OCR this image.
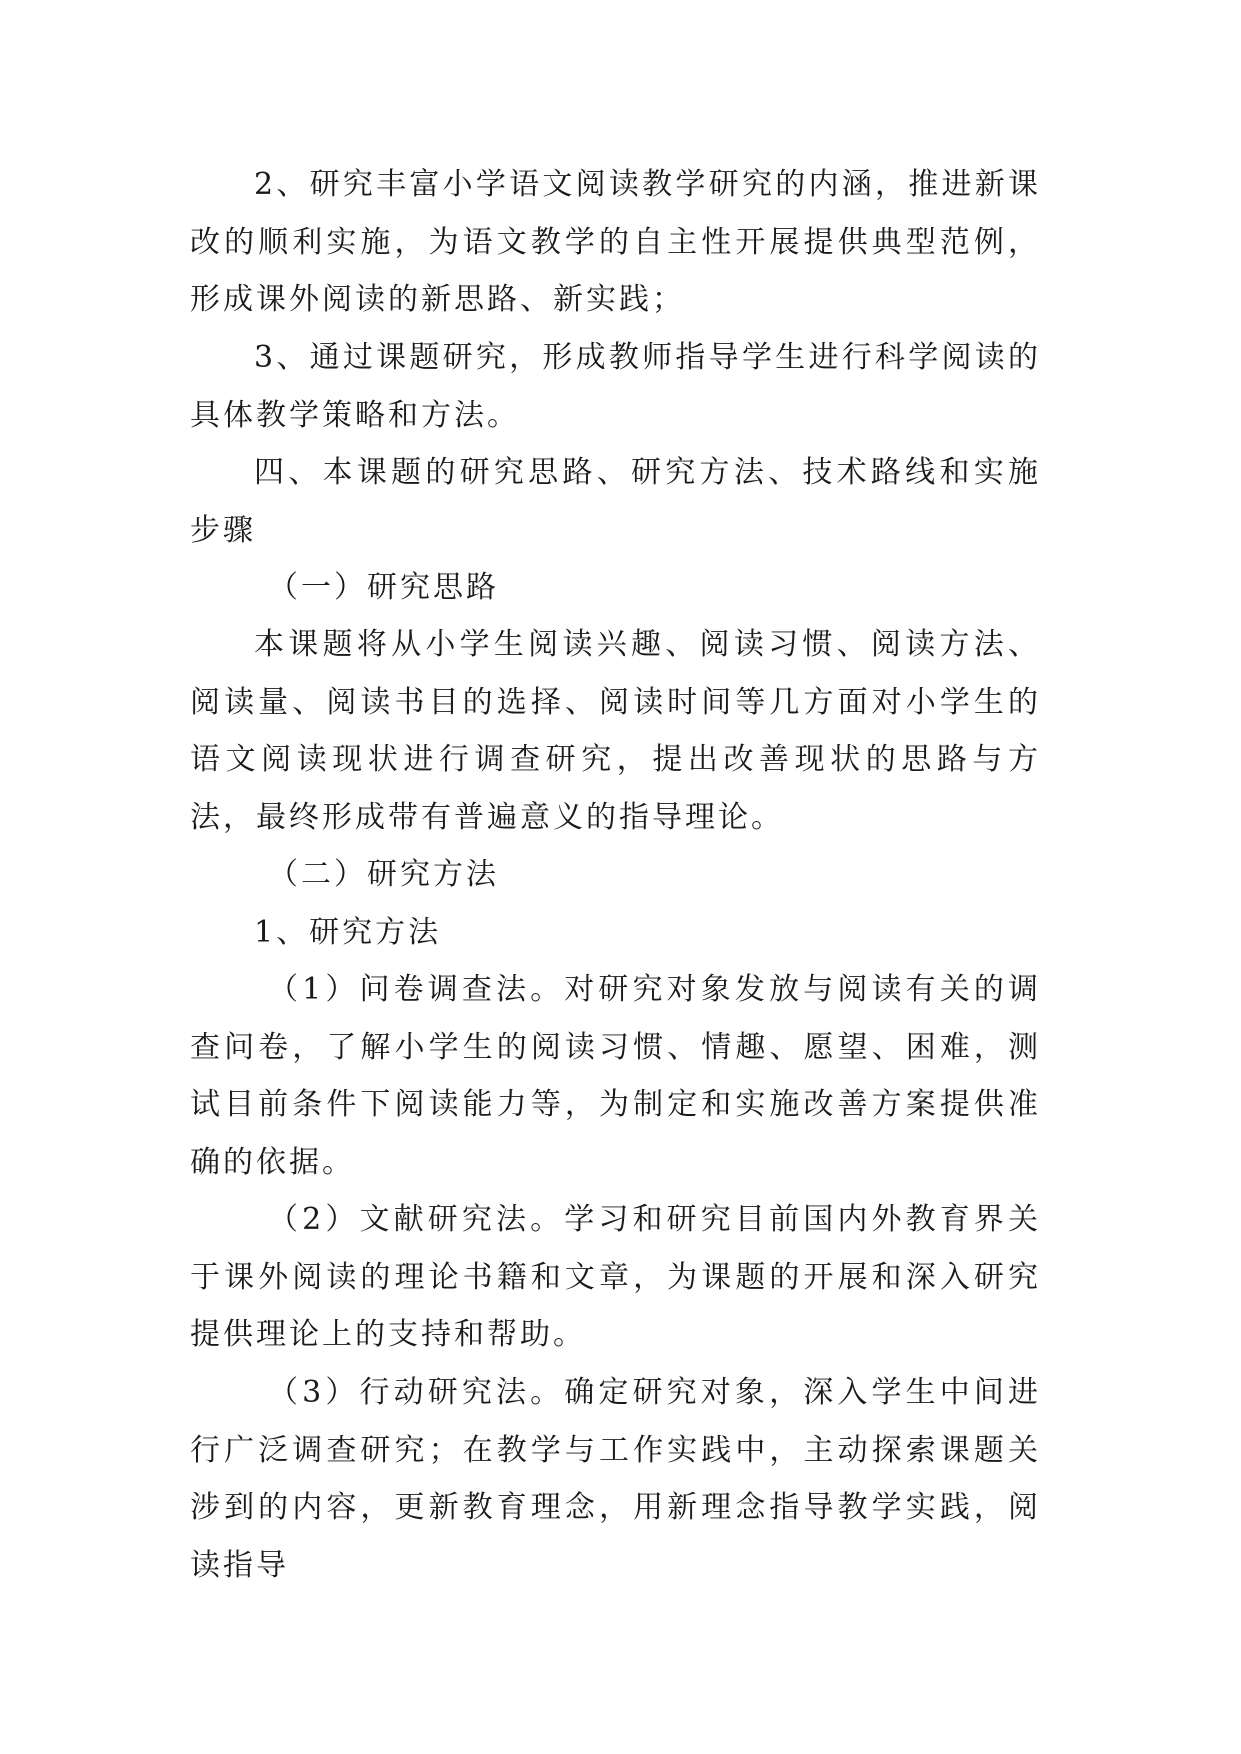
2、研究丰富小学语文阅读教学研究的内涵，推进新课改的顺利实施，为语文教学的自主性开展提供典型范例，形成课外阅读的新思路、新实践；

3、通过课题研究，形成教师指导学生进行科学阅读的具体教学策略和方法。

四、本课题的研究思路、研究方法、技术路线和实施步骤

（一）研究思路

本课题将从小学生阅读兴趣、阅读习惯、阅读方法、阅读量、阅读书目的选择、阅读时间等几方面对小学生的语文阅读现状进行调查研究，提出改善现状的思路与方法，最终形成带有普遍意义的指导理论。

（二）研究方法

1、研究方法

（1）问卷调查法。对研究对象发放与阅读有关的调查问卷，了解小学生的阅读习惯、情趣、愿望、困难，测试目前条件下阅读能力等，为制定和实施改善方案提供准确的依据。

（2）文献研究法。学习和研究目前国内外教育界关于课外阅读的理论书籍和文章，为课题的开展和深入研究提供理论上的支持和帮助。

（3）行动研究法。确定研究对象，深入学生中间进行广泛调查研究；在教学与工作实践中，主动探索课题关涉到的内容，更新教育理念，用新理念指导教学实践，阅读指导
